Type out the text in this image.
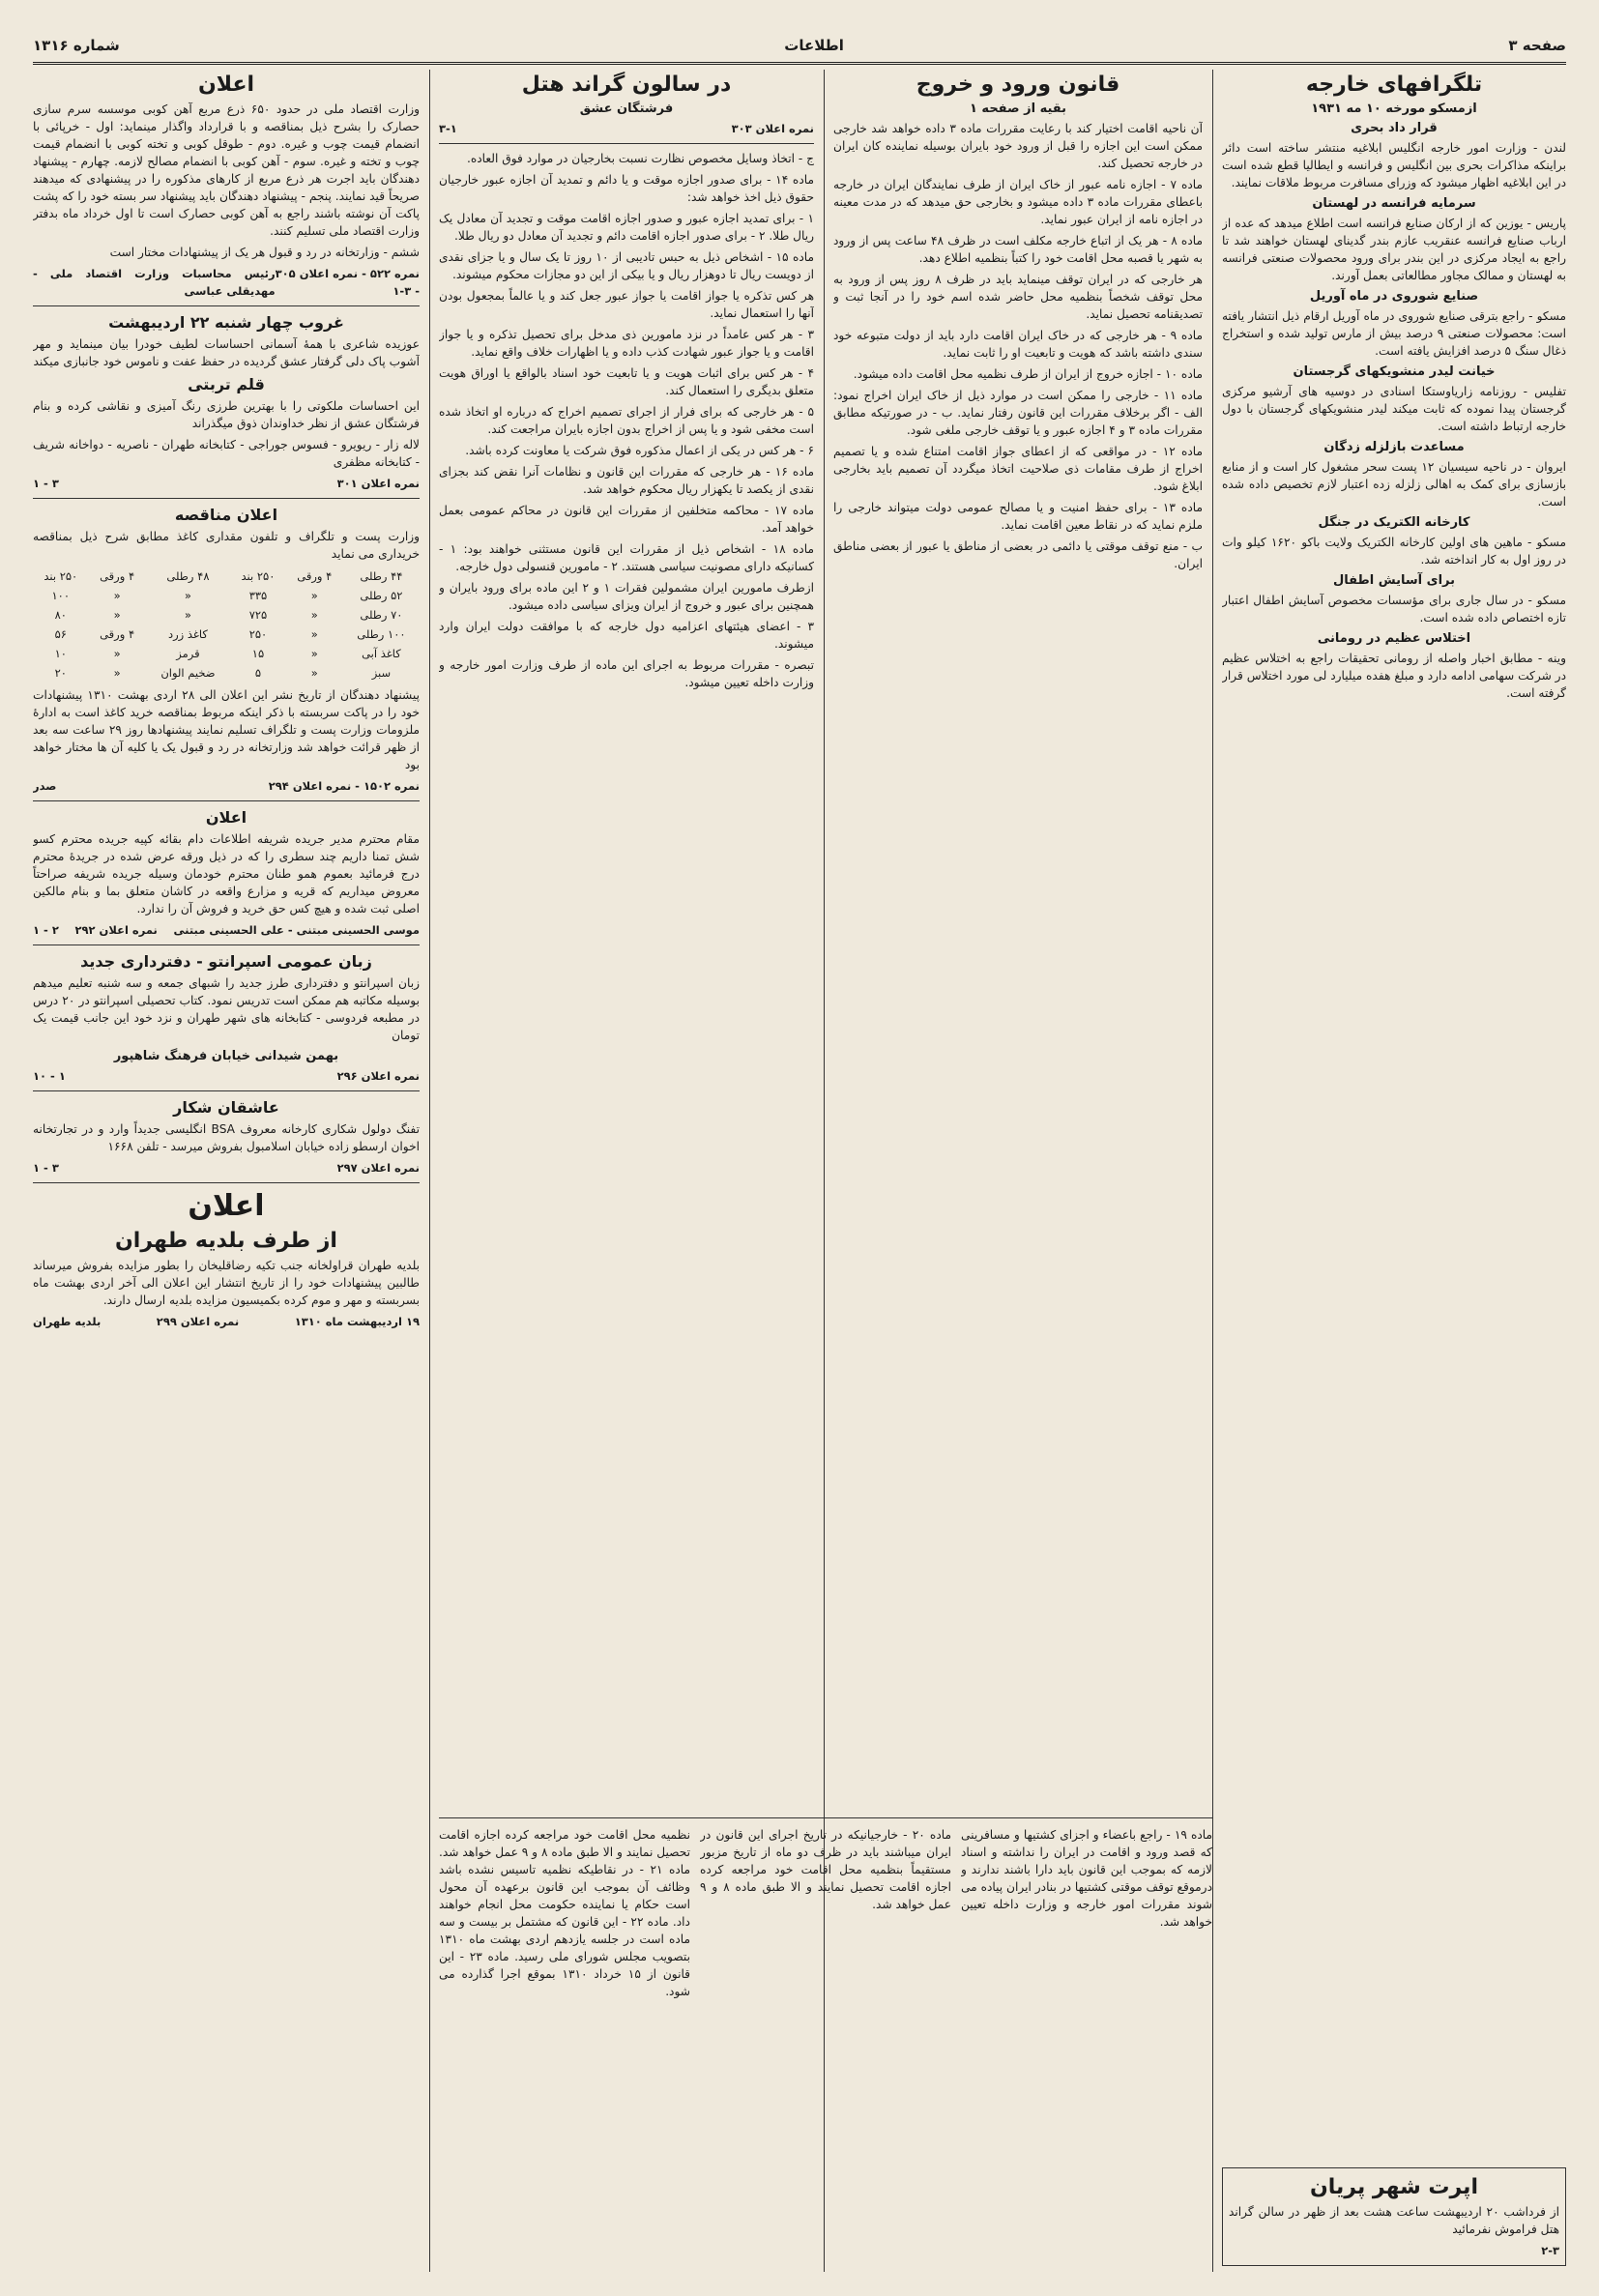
صفحه ۳
اطلاعات
شماره ۱۳۱۶
تلگرافهای خارجه
ازمسکو مورخه ۱۰ مه ۱۹۳۱
قرار داد بحری

لندن - وزارت امور خارجه انگلیس ابلاغیه منتشر ساخته است دائر براینکه مذاکرات بحری بین انگلیس و فرانسه و ایطالیا قطع شده است در این ابلاغیه اظهار میشود که وزرای مسافرت مربوط ملاقات نمایند.

سرمایه فرانسه در لهستان

پاریس - یوزین که از ارکان صنایع فرانسه است اطلاع میدهد که عده از ارباب صنایع فرانسه عنقریب عازم بندر گدینای لهستان خواهند شد تا راجع به ایجاد مرکزی در این بندر برای ورود محصولات صنعتی فرانسه به لهستان و ممالک مجاور مطالعاتی بعمل آورند.

صنایع شوروی در ماه آوریل

مسکو - راجع بترقی صنایع شوروی در ماه آوریل ارقام ذیل انتشار یافته است: محصولات صنعتی ۹ درصد بیش از مارس تولید شده و استخراج ذغال سنگ ۵ درصد افزایش یافته است.

خیانت لیدر منشویکهای گرجستان

تفلیس - روزنامه زاریاوستکا اسنادی در دوسیه های آرشیو مرکزی گرجستان پیدا نموده که ثابت میکند لیدر منشویکهای گرجستان با دول خارجه ارتباط داشته است.

مساعدت بازلزله زدگان

ایروان - در ناحیه سیسیان ۱۲ پست سحر مشغول کار است و از منابع بازسازی برای کمک به اهالی زلزله زده اعتبار لازم تخصیص داده شده است.

کارخانه الکتریک در جنگل

مسکو - ماهین های اولین کارخانه الکتریک ولایت باکو ۱۶۲۰ کیلو وات در روز اول به کار انداخته شد.

برای آسایش اطفال

مسکو - در سال جاری برای مؤسسات مخصوص آسایش اطفال اعتبار تازه اختصاص داده شده است.

اختلاس عظیم در رومانی

وینه - مطابق اخبار واصله از رومانی تحقیقات راجع به اختلاس عظیم در شرکت سهامی ادامه دارد و مبلغ هفده میلیارد لی مورد اختلاس قرار گرفته است.

اپرت شهر پریان

از فرداشب ۲۰ اردیبهشت ساعت هشت بعد از ظهر در سالن گراند هتل فراموش نفرمائید

۲-۳
قانون ورود و خروج
بقیه از صفحه ۱

آن ناحیه اقامت اختیار کند با رعایت مقررات ماده ۳ داده خواهد شد خارجی ممکن است این اجازه را قبل از ورود خود بایران بوسیله نماینده کان ایران در خارجه تحصیل کند.

ماده ۷ - اجازه نامه عبور از خاک ایران از طرف نمایندگان ایران در خارجه باعطای مقررات ماده ۳ داده میشود و بخارجی حق میدهد که در مدت معینه در اجازه نامه از ایران عبور نماید.

ماده ۸ - هر یک از اتباع خارجه مکلف است در ظرف ۴۸ ساعت پس از ورود به شهر یا قصبه محل اقامت خود را کتباً بنظمیه اطلاع دهد.

هر خارجی که در ایران توقف مینماید باید در ظرف ۸ روز پس از ورود به محل توقف شخصاً بنظمیه محل حاضر شده اسم خود را در آنجا ثبت و تصدیقنامه تحصیل نماید.

ماده ۹ - هر خارجی که در خاک ایران اقامت دارد باید از دولت متبوعه خود سندی داشته باشد که هویت و تابعیت او را ثابت نماید.

ماده ۱۰ - اجازه خروج از ایران از طرف نظمیه محل اقامت داده میشود.

ماده ۱۱ - خارجی را ممکن است در موارد ذیل از خاک ایران اخراج نمود: الف - اگر برخلاف مقررات این قانون رفتار نماید. ب - در صورتیکه مطابق مقررات ماده ۳ و ۴ اجازه عبور و یا توقف خارجی ملغی شود.

ماده ۱۲ - در مواقعی که از اعطای جواز اقامت امتناع شده و یا تصمیم اخراج از طرف مقامات ذی صلاحیت اتخاذ میگردد آن تصمیم باید بخارجی ابلاغ شود.

ماده ۱۳ - برای حفظ امنیت و یا مصالح عمومی دولت میتواند خارجی را ملزم نماید که در نقاط معین اقامت نماید.

ب - منع توقف موقتی یا دائمی در بعضی از مناطق یا عبور از بعضی مناطق ایران.

در سالون گراند هتل
فرشتگان عشق
نمره اعلان ۳۰۳
۳-۱

ج - اتخاذ وسایل مخصوص نظارت نسبت بخارجیان در موارد فوق العاده.

ماده ۱۴ - برای صدور اجازه موقت و یا دائم و تمدید آن اجازه عبور خارجیان حقوق ذیل اخذ خواهد شد:

۱ - برای تمدید اجازه عبور و صدور اجازه اقامت موقت و تجدید آن معادل یک ریال طلا. ۲ - برای صدور اجازه اقامت دائم و تجدید آن معادل دو ریال طلا.

ماده ۱۵ - اشخاص ذیل به حبس تادیبی از ۱۰ روز تا یک سال و یا جزای نقدی از دویست ریال تا دوهزار ریال و یا بیکی از این دو مجازات محکوم میشوند.

هر کس تذکره یا جواز اقامت یا جواز عبور جعل کند و یا عالماً بمجعول بودن آنها را استعمال نماید.

۳ - هر کس عامداً در نزد مامورین ذی مدخل برای تحصیل تذکره و یا جواز اقامت و یا جواز عبور شهادت کذب داده و یا اظهارات خلاف واقع نماید.

۴ - هر کس برای اثبات هویت و یا تابعیت خود اسناد بالواقع یا اوراق هویت متعلق بدیگری را استعمال کند.

۵ - هر خارجی که برای فرار از اجرای تصمیم اخراج که درباره او اتخاذ شده است مخفی شود و یا پس از اخراج بدون اجازه بایران مراجعت کند.

۶ - هر کس در یکی از اعمال مذکوره فوق شرکت یا معاونت کرده باشد.

ماده ۱۶ - هر خارجی که مقررات این قانون و نظامات آنرا نقض کند بجزای نقدی از یکصد تا یکهزار ریال محکوم خواهد شد.

ماده ۱۷ - محاکمه متخلفین از مقررات این قانون در محاکم عمومی بعمل خواهد آمد.

ماده ۱۸ - اشخاص ذیل از مقررات این قانون مستثنی خواهند بود: ۱ - کسانیکه دارای مصونیت سیاسی هستند. ۲ - مامورین قنسولی دول خارجه.

ازطرف مامورین ایران مشمولین فقرات ۱ و ۲ این ماده برای ورود بایران و همچنین برای عبور و خروج از ایران ویزای سیاسی داده میشود.

۳ - اعضای هیئتهای اعزامیه دول خارجه که با موافقت دولت ایران وارد میشوند.

تبصره - مقررات مربوط به اجرای این ماده از طرف وزارت امور خارجه و وزارت داخله تعیین میشود.

اعلان

وزارت اقتصاد ملی در حدود ۶۵۰ ذرع مربع آهن کوبی موسسه سرم سازی حصارک را بشرح ذیل بمناقصه و با قرارداد واگذار مینماید: اول - خرپائی با انضمام قیمت چوب و غیره. دوم - طوقل کوبی و تخته کوبی با انضمام قیمت چوب و تخته و غیره. سوم - آهن کوبی با انضمام مصالح لازمه. چهارم - پیشنهاد دهندگان باید اجرت هر ذرع مربع از کارهای مذکوره را در پیشنهادی که میدهند صریحاً قید نمایند. پنجم - پیشنهاد دهندگان باید پیشنهاد سر بسته خود را که پشت پاکت آن نوشته باشند راجع به آهن کوبی حصارک است تا اول خرداد ماه بدفتر وزارت اقتصاد ملی تسلیم کنند.

ششم - وزارتخانه در رد و قبول هر یک از پیشنهادات مختار است

نمره ۵۲۲ - نمره اعلان ۳۰۵ - ۳-۱
رئیس محاسبات وزارت اقتصاد ملی - مهدیقلی عباسی
غروب چهار شنبه ۲۲ اردیبهشت

عوزیده شاعری با همهٔ آسمانی احساسات لطیف خودرا بیان مینماید و مهر آشوب پاک دلی گرفتار عشق گردیده در حفظ عفت و ناموس خود جانبازی میکند

قلم تربتی

این احساسات ملکوتی را با بهترین طرزی رنگ آمیزی و نقاشی کرده و بنام فرشتگان عشق از نظر خداوندان ذوق میگذراند

لاله زار - ریویرو - فسوس جوراجی - کتابخانه طهران - ناصریه - دواخانه شریف - کتابخانه مظفری

نمره اعلان ۳۰۱
۳ - ۱
اعلان مناقصه

وزارت پست و تلگراف و تلفون مقداری کاغذ مطابق شرح ذیل بمناقصه خریداری می نماید

۴۴ رطلی	۴ ورقی	۲۵۰ بند	۴۸ رطلی	۴ ورقی	۲۵۰ بند
۵۲ رطلی	«	۳۳۵	«	«	۱۰۰
۷۰ رطلی	«	۷۲۵	«	«	۸۰
۱۰۰ رطلی	«	۲۵۰	کاغذ زرد	۴ ورقی	۵۶
کاغذ آبی	«	۱۵	قرمز	«	۱۰
سبز	«	۵	ضخیم الوان	«	۲۰

پیشنهاد دهندگان از تاریخ نشر این اعلان الی ۲۸ اردی بهشت ۱۳۱۰ پیشنهادات خود را در پاکت سربسته با ذکر اینکه مربوط بمناقصه خرید کاغذ است به ادارهٔ ملزومات وزارت پست و تلگراف تسلیم نمایند پیشنهادها روز ۲۹ ساعت سه بعد از ظهر قرائت خواهد شد وزارتخانه در رد و قبول یک یا کلیه آن ها مختار خواهد بود

نمره ۱۵۰۲ - نمره اعلان ۲۹۴
صدر
اعلان

مقام محترم مدیر جریده شریفه اطلاعات دام بقائه کپیه جریده محترم کسو شش تمنا داریم چند سطری را که در ذیل ورقه عرض شده در جریدهٔ محترم درج فرمائید بعموم همو طنان محترم خودمان وسیله جریده شریفه صراحتاً معروض میداریم که قریه و مزارع واقعه در کاشان متعلق بما و بنام مالکین اصلی ثبت شده و هیچ کس حق خرید و فروش آن را ندارد.

موسی الحسینی مبتنی - علی الحسینی مبتنی
نمره اعلان ۲۹۲
۲ - ۱
زبان عمومی اسپرانتو - دفترداری جدید

زبان اسپرانتو و دفترداری طرز جدید را شبهای جمعه و سه شنبه تعلیم میدهم بوسیله مکاتبه هم ممکن است تدریس نمود. کتاب تحصیلی اسپرانتو در ۲۰ درس در مطبعه فردوسی - کتابخانه های شهر طهران و نزد خود این جانب قیمت یک تومان

بهمن شیدانی خیابان فرهنگ شاهپور
نمره اعلان ۲۹۶
۱ - ۱۰
عاشقان شکار

تفنگ دولول شکاری کارخانه معروف BSA انگلیسی جدیداً وارد و در تجارتخانه اخوان ارسطو زاده خیابان اسلامبول بفروش میرسد - تلفن ۱۶۶۸

نمره اعلان ۲۹۷
۳ - ۱
اعلان
از طرف بلدیه طهران

بلدیه طهران قراولخانه جنب تکیه رضاقلیخان را بطور مزایده بفروش میرساند طالبین پیشنهادات خود را از تاریخ انتشار این اعلان الی آخر اردی بهشت ماه بسربسته و مهر و موم کرده بکمیسیون مزایده بلدیه ارسال دارند.

۱۹ اردیبهشت ماه ۱۳۱۰
نمره اعلان ۲۹۹
بلدیه طهران

ماده ۱۹ - راجع باعضاء و اجزای کشتیها و مسافرینی که قصد ورود و اقامت در ایران را نداشته و اسناد لازمه که بموجب این قانون باید دارا باشند ندارند و درموقع توقف موقتی کشتیها در بنادر ایران پیاده می شوند مقررات امور خارجه و وزارت داخله تعیین خواهد شد.

ماده ۲۰ - خارجیانیکه در تاریخ اجرای این قانون در ایران میباشند باید در ظرف دو ماه از تاریخ مزبور مستقیماً بنظمیه محل اقامت خود مراجعه کرده اجازه اقامت تحصیل نمایند و الا طبق ماده ۸ و ۹ عمل خواهد شد.

نظمیه محل اقامت خود مراجعه کرده اجازه اقامت تحصیل نمایند و الا طبق ماده ۸ و ۹ عمل خواهد شد. ماده ۲۱ - در نقاطیکه نظمیه تاسیس نشده باشد وظائف آن بموجب این قانون برعهده آن محول است حکام یا نماینده حکومت محل انجام خواهند داد. ماده ۲۲ - این قانون که مشتمل بر بیست و سه ماده است در جلسه یازدهم اردی بهشت ماه ۱۳۱۰ بتصویب مجلس شورای ملی رسید. ماده ۲۳ - این قانون از ۱۵ خرداد ۱۳۱۰ بموقع اجرا گذارده می شود.
